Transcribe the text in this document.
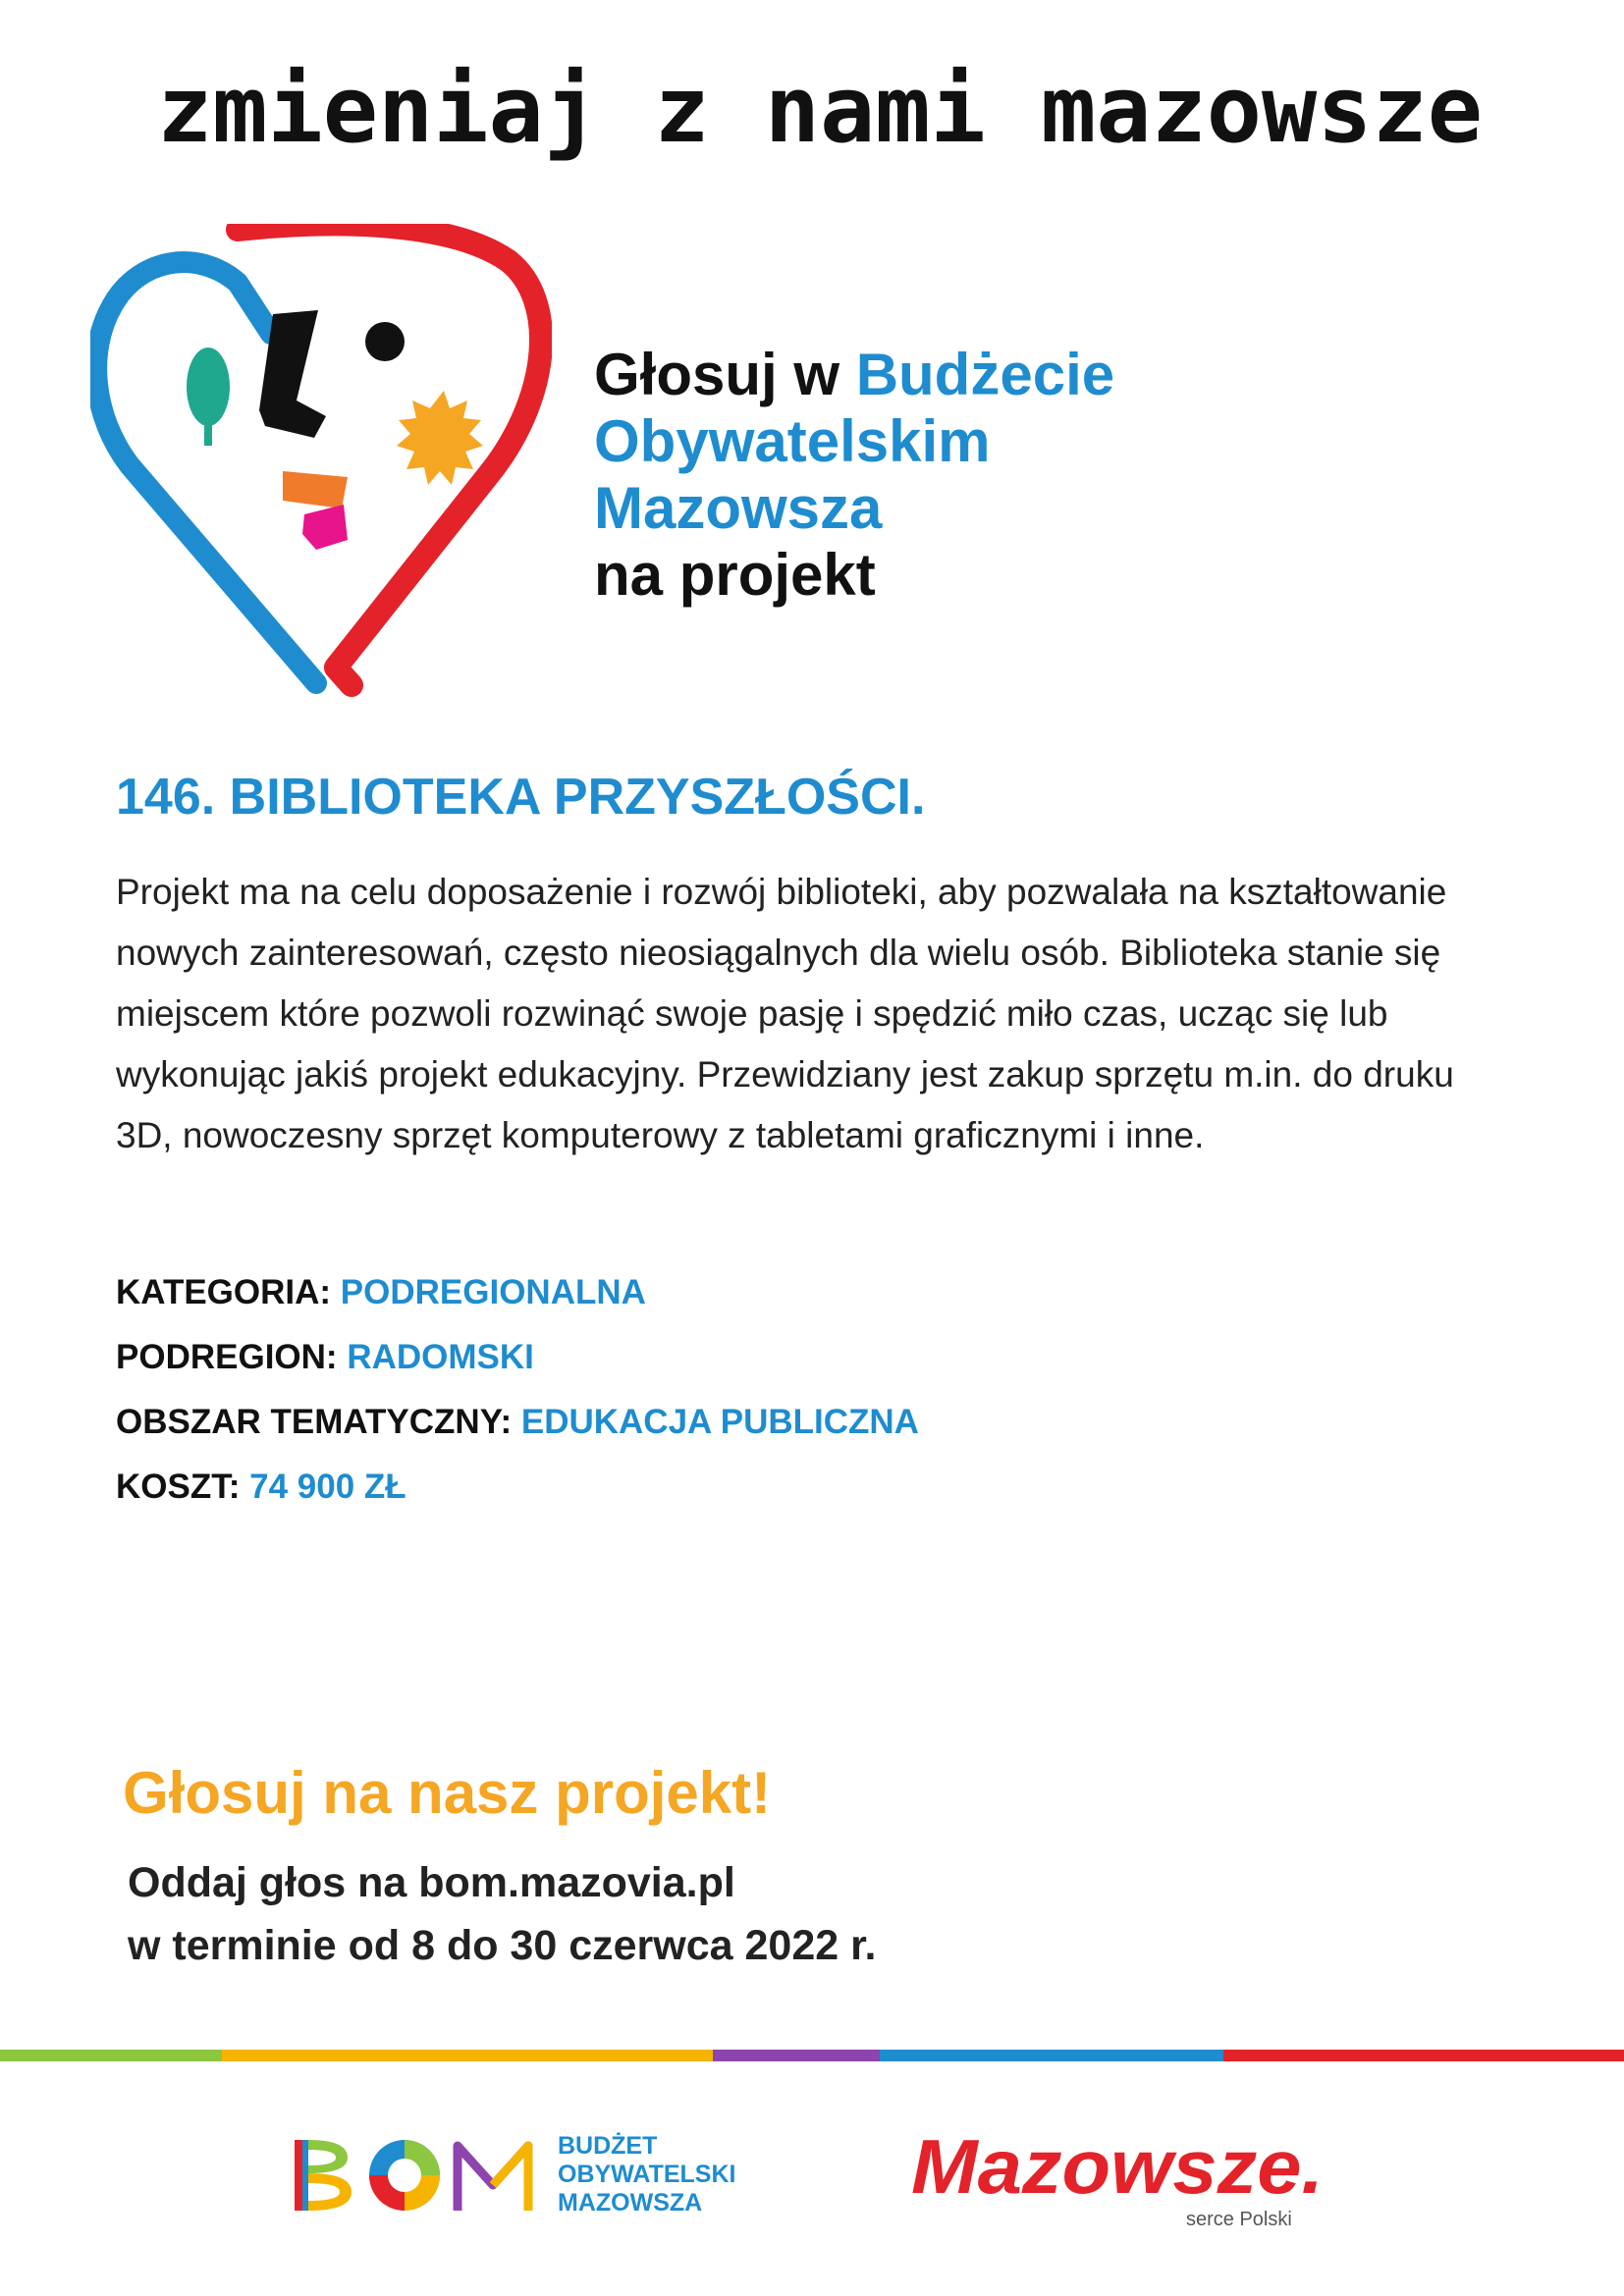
zmieniaj z nami mazowsze
Głosuj w Budżecie
Obywatelskim
Mazowsza
na projekt
146. BIBLIOTEKA PRZYSZŁOŚCI.

Projekt ma na celu doposażenie i rozwój biblioteki, aby pozwalała na kształtowanie nowych zainteresowań, często nieosiągalnych dla wielu osób. Biblioteka stanie się miejscem które pozwoli rozwinąć swoje pasję i spędzić miło czas, ucząc się lub wykonując jakiś projekt edukacyjny. Przewidziany jest zakup sprzętu m.in. do druku 3D, nowoczesny sprzęt komputerowy z tabletami graficznymi i inne.

KATEGORIA: PODREGIONALNA
PODREGION: RADOMSKI
OBSZAR TEMATYCZNY: EDUKACJA PUBLICZNA
KOSZT: 74 900 ZŁ
Głosuj na nasz projekt!
Oddaj głos na bom.mazovia.pl
w terminie od 8 do 30 czerwca 2022 r.
BUDŻET
OBYWATELSKI
MAZOWSZA	Mazowsze.
serce Polski
